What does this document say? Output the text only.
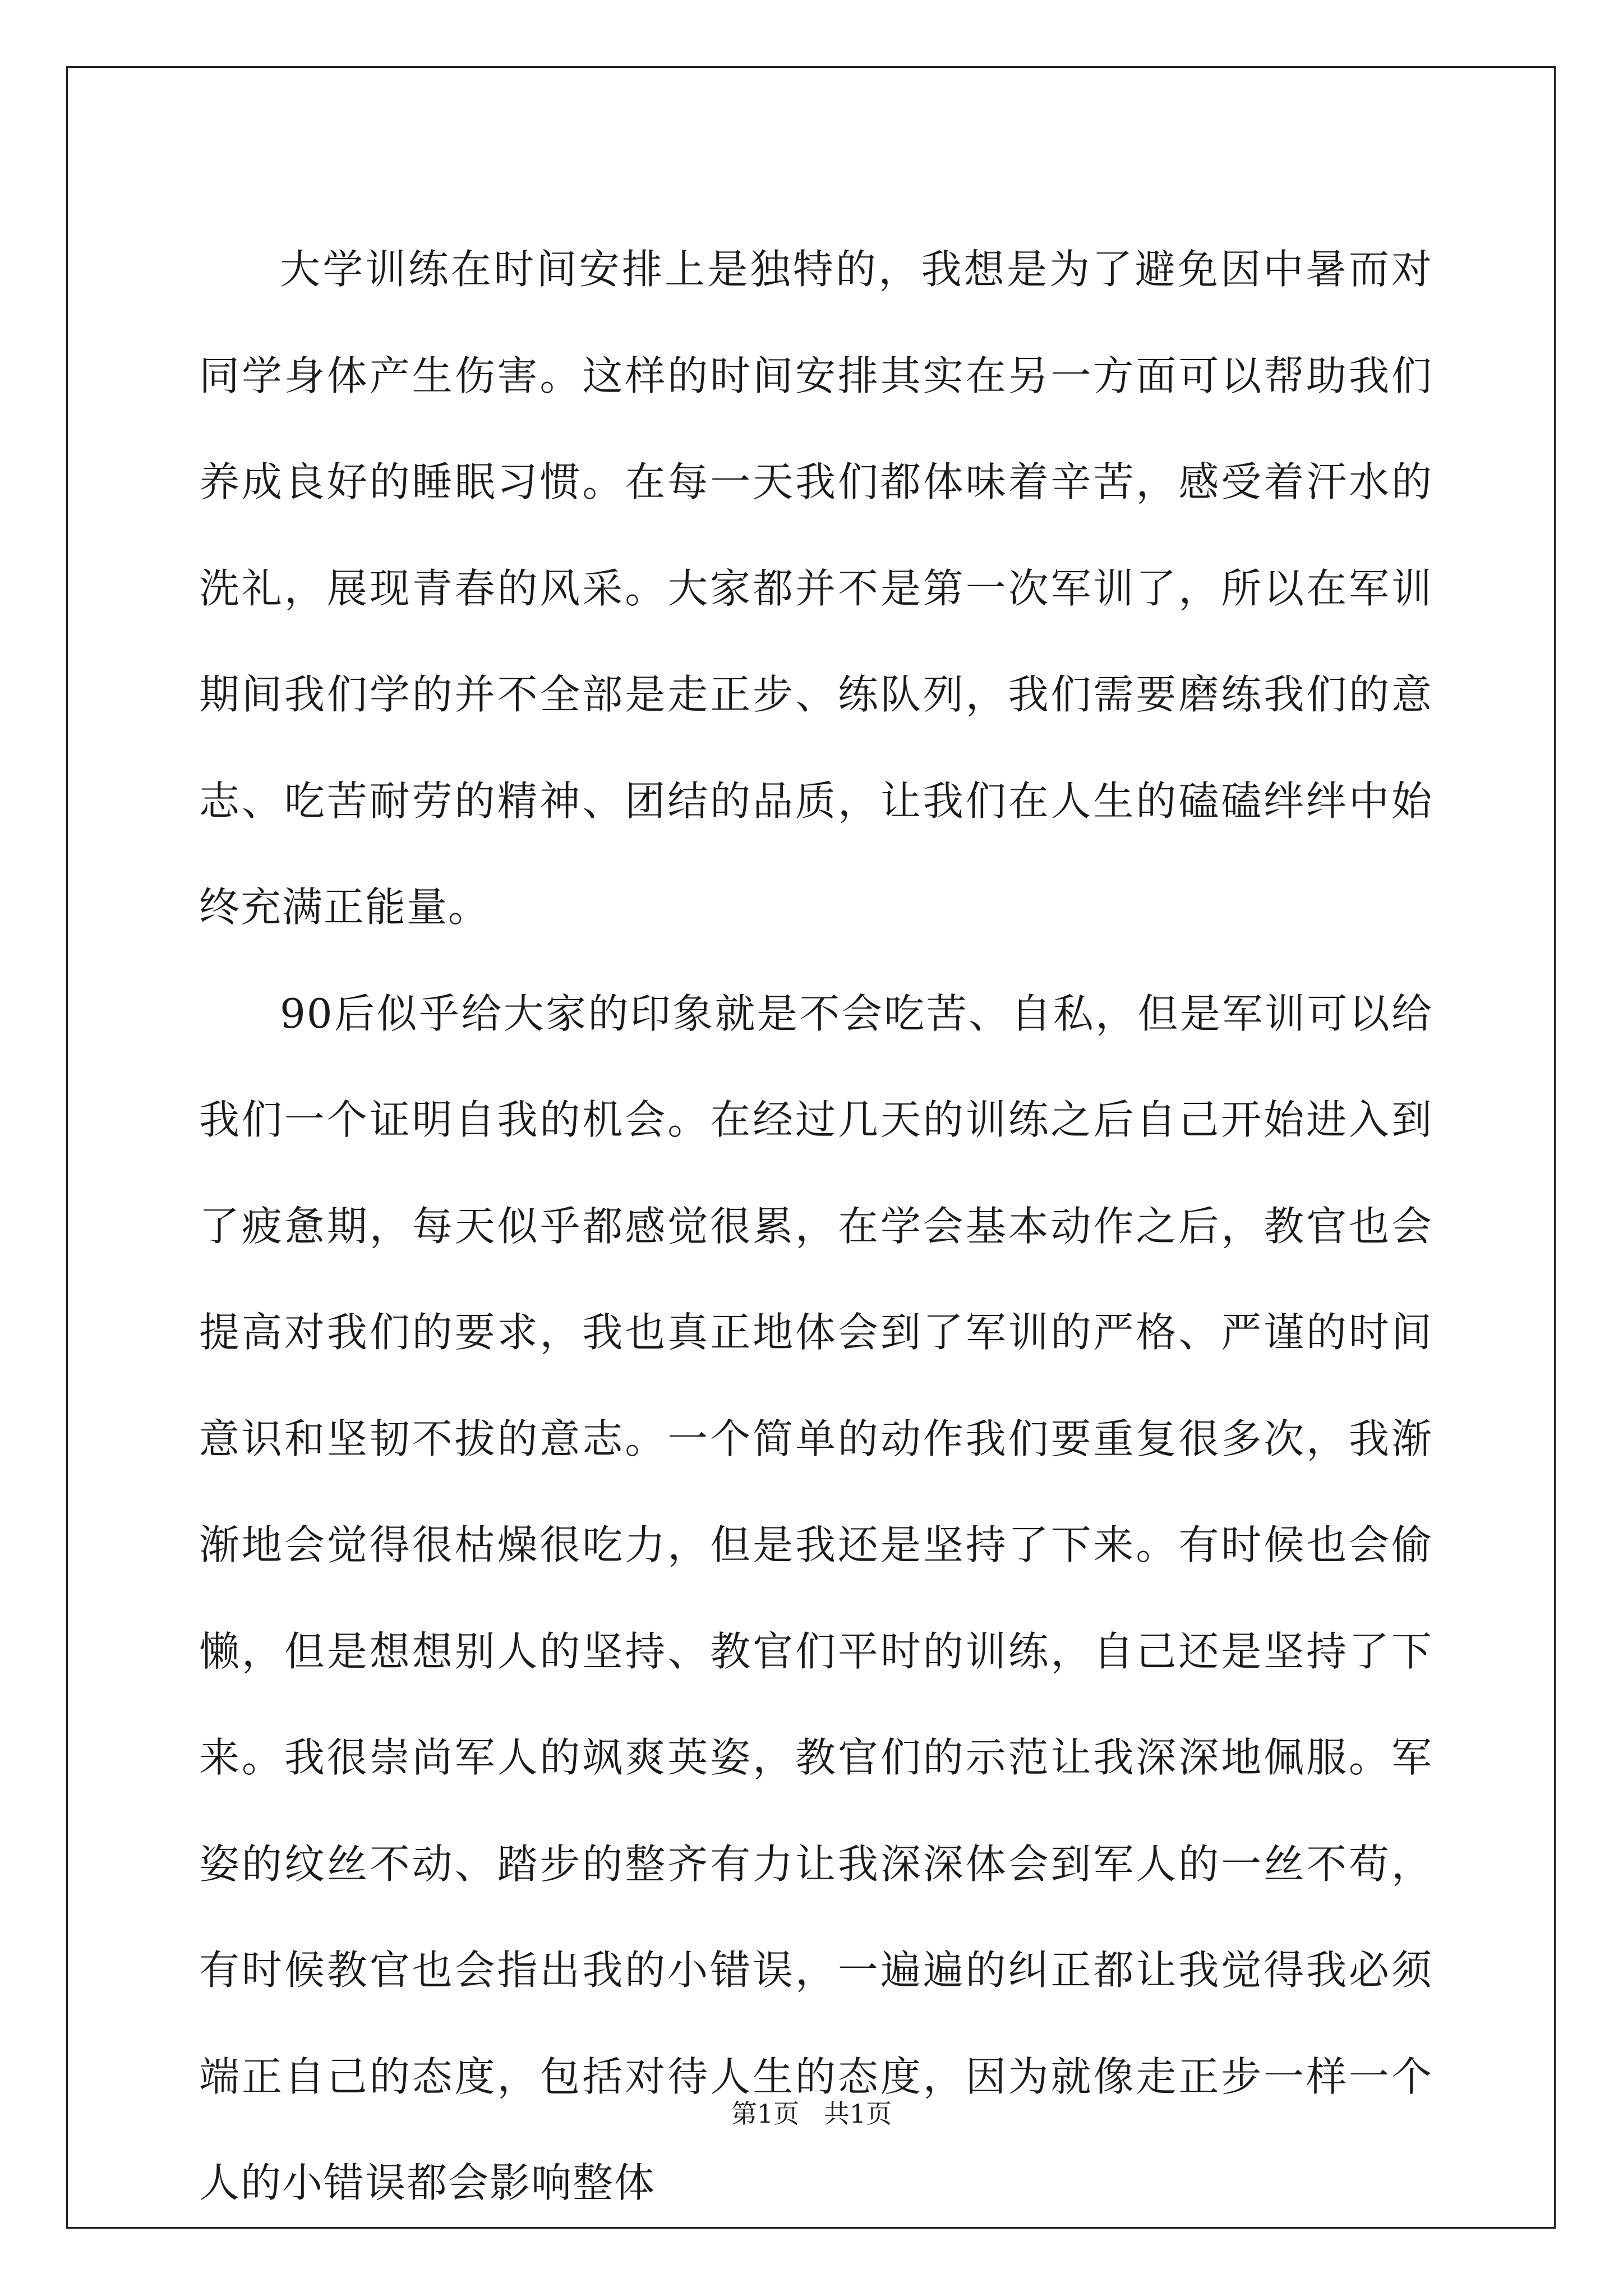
大学训练在时间安排上是独特的，我想是为了避免因中暑而对同学身体产生伤害。这样的时间安排其实在另一方面可以帮助我们养成良好的睡眠习惯。在每一天我们都体味着辛苦，感受着汗水的洗礼，展现青春的风采。大家都并不是第一次军训了，所以在军训期间我们学的并不全部是走正步、练队列，我们需要磨练我们的意志、吃苦耐劳的精神、团结的品质，让我们在人生的磕磕绊绊中始终充满正能量。

90后似乎给大家的印象就是不会吃苦、自私，但是军训可以给我们一个证明自我的机会。在经过几天的训练之后自己开始进入到了疲惫期，每天似乎都感觉很累，在学会基本动作之后，教官也会提高对我们的要求，我也真正地体会到了军训的严格、严谨的时间意识和坚韧不拔的意志。一个简单的动作我们要重复很多次，我渐渐地会觉得很枯燥很吃力，但是我还是坚持了下来。有时候也会偷懒，但是想想别人的坚持、教官们平时的训练，自己还是坚持了下来。我很崇尚军人的飒爽英姿，教官们的示范让我深深地佩服。军姿的纹丝不动、踏步的整齐有力让我深深体会到军人的一丝不苟，有时候教官也会指出我的小错误，一遍遍的纠正都让我觉得我必须端正自己的态度，包括对待人生的态度，因为就像走正步一样一个人的小错误都会影响整体

第1页   共1页
